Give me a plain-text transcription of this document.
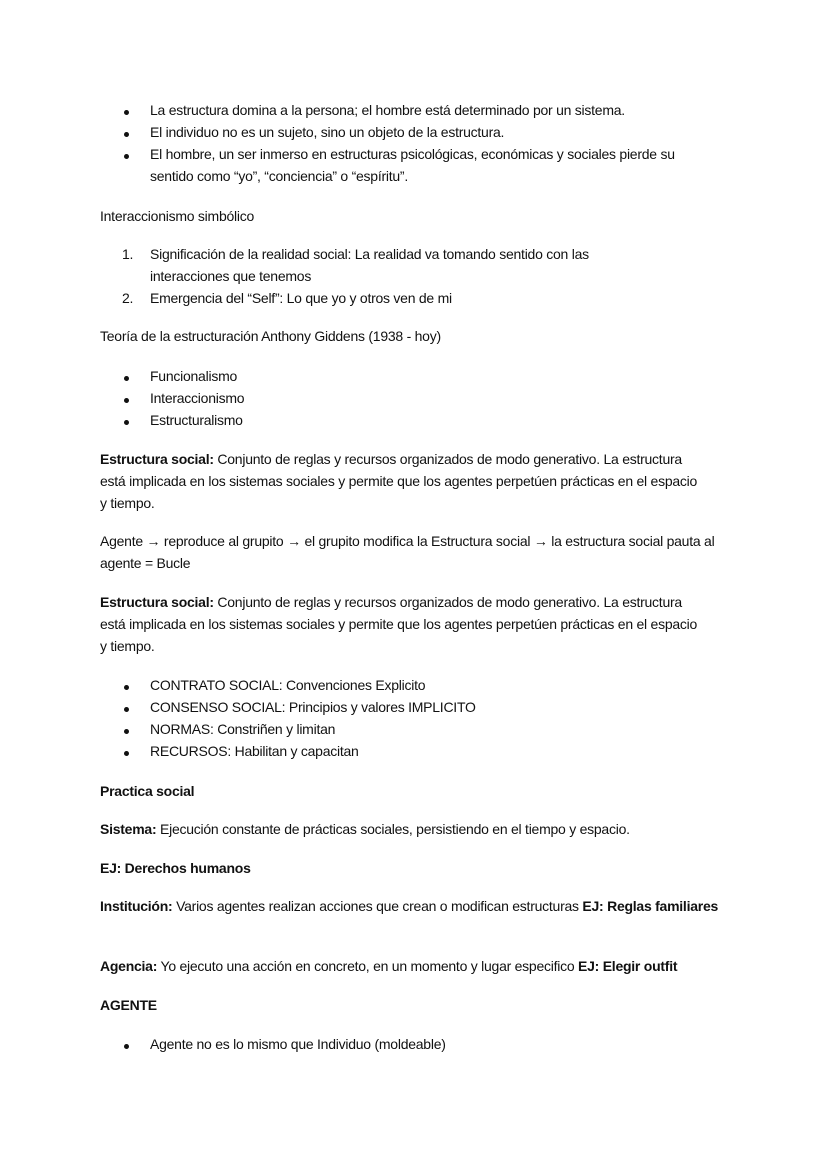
La estructura domina a la persona; el hombre está determinado por un sistema.
El individuo no es un sujeto, sino un objeto de la estructura.
El hombre, un ser inmerso en estructuras psicológicas, económicas y sociales pierde su sentido como “yo”, “conciencia” o “espíritu”.
Interaccionismo simbólico
1.	Significación de la realidad social: La realidad va tomando sentido con las interacciones que tenemos
2.	Emergencia del “Self”: Lo que yo y otros ven de mi
Teoría de la estructuración Anthony Giddens (1938 - hoy)
Funcionalismo
Interaccionismo
Estructuralismo
Estructura social: Conjunto de reglas y recursos organizados de modo generativo. La estructura está implicada en los sistemas sociales y permite que los agentes perpetúen prácticas en el espacio y tiempo.
Agente → reproduce al grupito → el grupito modifica la Estructura social → la estructura social pauta al agente = Bucle
Estructura social: Conjunto de reglas y recursos organizados de modo generativo. La estructura está implicada en los sistemas sociales y permite que los agentes perpetúen prácticas en el espacio y tiempo.
CONTRATO SOCIAL: Convenciones Explicito
CONSENSO SOCIAL: Principios y valores IMPLICITO
NORMAS: Constriñen y limitan
RECURSOS: Habilitan y capacitan
Practica social
Sistema: Ejecución constante de prácticas sociales, persistiendo en el tiempo y espacio.
EJ: Derechos humanos
Institución: Varios agentes realizan acciones que crean o modifican estructuras EJ: Reglas familiares
Agencia: Yo ejecuto una acción en concreto, en un momento y lugar especifico EJ: Elegir outfit
AGENTE
Agente no es lo mismo que Individuo (moldeable)
